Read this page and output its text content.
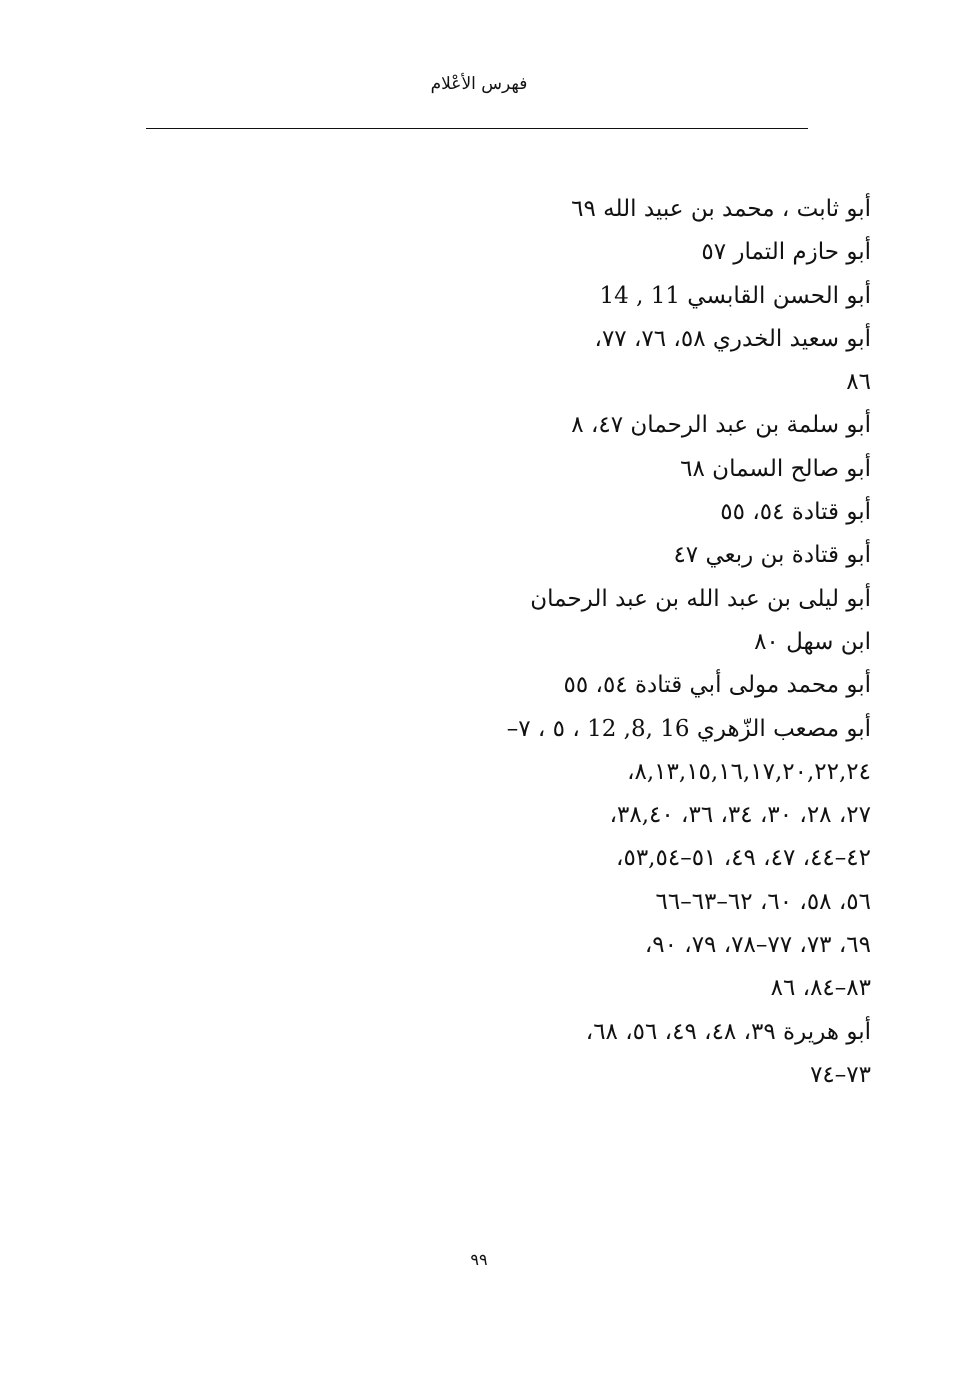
فهرس الأعْلام
أبو ثابت ، محمد بن عبيد الله ٦٩
أبو حازم التمار ٥٧
أبو الحسن القابسي 11 , 14
أبو سعيد الخدري ٥٨، ٧٦، ٧٧،
٨٦
أبو سلمة بن عبد الرحمان ٤٧، ٨
أبو صالح السمان ٦٨
أبو قتادة ٥٤، ٥٥
أبو قتادة بن ربعي ٤٧
أبو ليلى بن عبد الله بن عبد الرحمان
ابن سهل ٨٠
أبو محمد مولى أبي قتادة ٥٤، ٥٥
أبو مصعب الزّهري 16 ,8, 12 ، ٥ ، ٧–
٨,١٣,١٥,١٦,١٧,٢٠,٢٢,٢٤،
٢٧، ٢٨، ٣٠، ٣٤، ٣٦، ٣٨,٤٠،
٤٢–٤٤، ٤٧، ٤٩، ٥١–٥٣,٥٤،
٥٦، ٥٨، ٦٠، ٦٢–٦٣–٦٦
٦٩، ٧٣، ٧٧–٧٨، ٧٩، ٩٠،
٨٣–٨٤، ٨٦
أبو هريرة ٣٩، ٤٨، ٤٩، ٥٦، ٦٨،
٧٣–٧٤
٩٩
